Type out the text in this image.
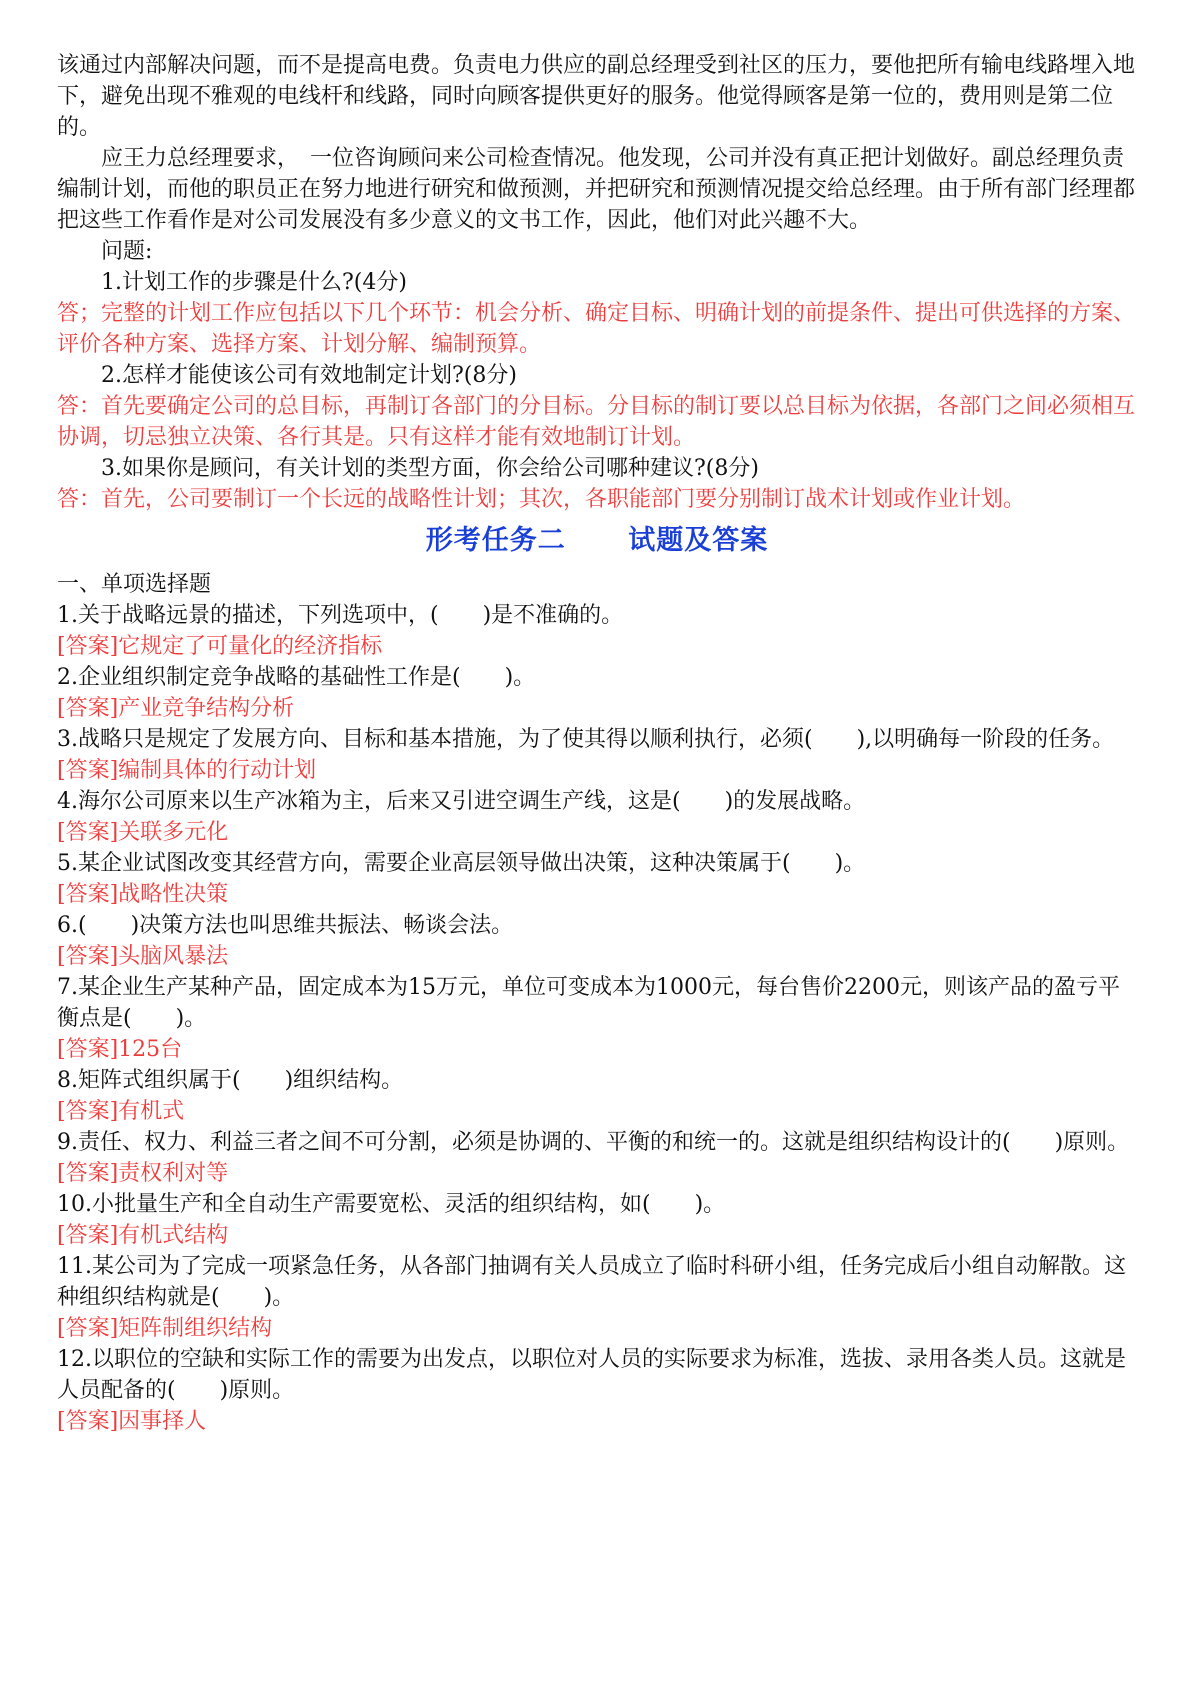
该通过内部解决问题，而不是提高电费。负责电力供应的副总经理受到社区的压力，要他把所有输电线路埋入地下，避免出现不雅观的电线杆和线路，同时向顾客提供更好的服务。他觉得顾客是第一位的，费用则是第二位的。

应王力总经理要求，　一位咨询顾问来公司检查情况。他发现，公司并没有真正把计划做好。副总经理负责编制计划，而他的职员正在努力地进行研究和做预测，并把研究和预测情况提交给总经理。由于所有部门经理都把这些工作看作是对公司发展没有多少意义的文书工作，因此，他们对此兴趣不大。

问题:

1.计划工作的步骤是什么?(4分)

答；完整的计划工作应包括以下几个环节：机会分析、确定目标、明确计划的前提条件、提出可供选择的方案、评价各种方案、选择方案、计划分解、编制预算。

2.怎样才能使该公司有效地制定计划?(8分)

答：首先要确定公司的总目标，再制订各部门的分目标。分目标的制订要以总目标为依据，各部门之间必须相互协调，切忌独立决策、各行其是。只有这样才能有效地制订计划。

3.如果你是顾问，有关计划的类型方面，你会给公司哪种建议?(8分)

答：首先，公司要制订一个长远的战略性计划；其次，各职能部门要分别制订战术计划或作业计划。

形考任务二 试题及答案

一、单项选择题

1.关于战略远景的描述，下列选项中，(　　)是不准确的。

[答案]它规定了可量化的经济指标

2.企业组织制定竞争战略的基础性工作是(　　)。

[答案]产业竞争结构分析

3.战略只是规定了发展方向、目标和基本措施，为了使其得以顺利执行，必须(　　),以明确每一阶段的任务。

[答案]编制具体的行动计划

4.海尔公司原来以生产冰箱为主，后来又引进空调生产线，这是(　　)的发展战略。

[答案]关联多元化

5.某企业试图改变其经营方向，需要企业高层领导做出决策，这种决策属于(　　)。

[答案]战略性决策

6.(　　)决策方法也叫思维共振法、畅谈会法。

[答案]头脑风暴法

7.某企业生产某种产品，固定成本为15万元，单位可变成本为1000元，每台售价2200元，则该产品的盈亏平衡点是(　　)。

[答案]125台

8.矩阵式组织属于(　　)组织结构。

[答案]有机式

9.责任、权力、利益三者之间不可分割，必须是协调的、平衡的和统一的。这就是组织结构设计的(　　)原则。

[答案]责权利对等

10.小批量生产和全自动生产需要宽松、灵活的组织结构，如(　　)。

[答案]有机式结构

11.某公司为了完成一项紧急任务，从各部门抽调有关人员成立了临时科研小组，任务完成后小组自动解散。这种组织结构就是(　　)。

[答案]矩阵制组织结构

12.以职位的空缺和实际工作的需要为出发点，以职位对人员的实际要求为标准，选拔、录用各类人员。这就是人员配备的(　　)原则。

[答案]因事择人
